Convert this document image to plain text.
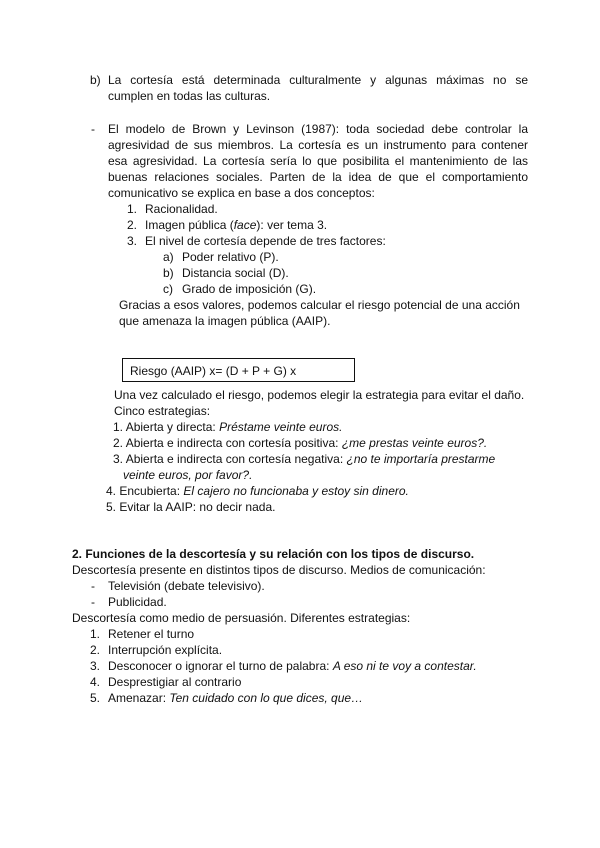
b) La cortesía está determinada culturalmente y algunas máximas no se
cumplen en todas las culturas.
- El modelo de Brown y Levinson (1987): toda sociedad debe controlar la
agresividad de sus miembros. La cortesía es un instrumento para contener
esa agresividad. La cortesía sería lo que posibilita el mantenimiento de las
buenas relaciones sociales. Parten de la idea de que el comportamiento
comunicativo se explica en base a dos conceptos:
1. Racionalidad.
2. Imagen pública (face): ver tema 3.
3. El nivel de cortesía depende de tres factores:
a) Poder relativo (P).
b) Distancia social (D).
c) Grado de imposición (G).
Gracias a esos valores, podemos calcular el riesgo potencial de una acción
que amenaza la imagen pública (AAIP).
Riesgo (AAIP) x= (D + P + G) x
Una vez calculado el riesgo, podemos elegir la estrategia para evitar el daño.
Cinco estrategias:
1. Abierta y directa: Préstame veinte euros.
2. Abierta e indirecta con cortesía positiva: ¿me prestas veinte euros?.
3. Abierta e indirecta con cortesía negativa: ¿no te importaría prestarme
veinte euros, por favor?.
4. Encubierta: El cajero no funcionaba y estoy sin dinero.
5. Evitar la AAIP: no decir nada.
2. Funciones de la descortesía y su relación con los tipos de discurso.
Descortesía presente en distintos tipos de discurso. Medios de comunicación:
- Televisión (debate televisivo).
- Publicidad.
Descortesía como medio de persuasión. Diferentes estrategias:
1. Retener el turno
2. Interrupción explícita.
3. Desconocer o ignorar el turno de palabra: A eso ni te voy a contestar.
4. Desprestigiar al contrario
5. Amenazar: Ten cuidado con lo que dices, que…
